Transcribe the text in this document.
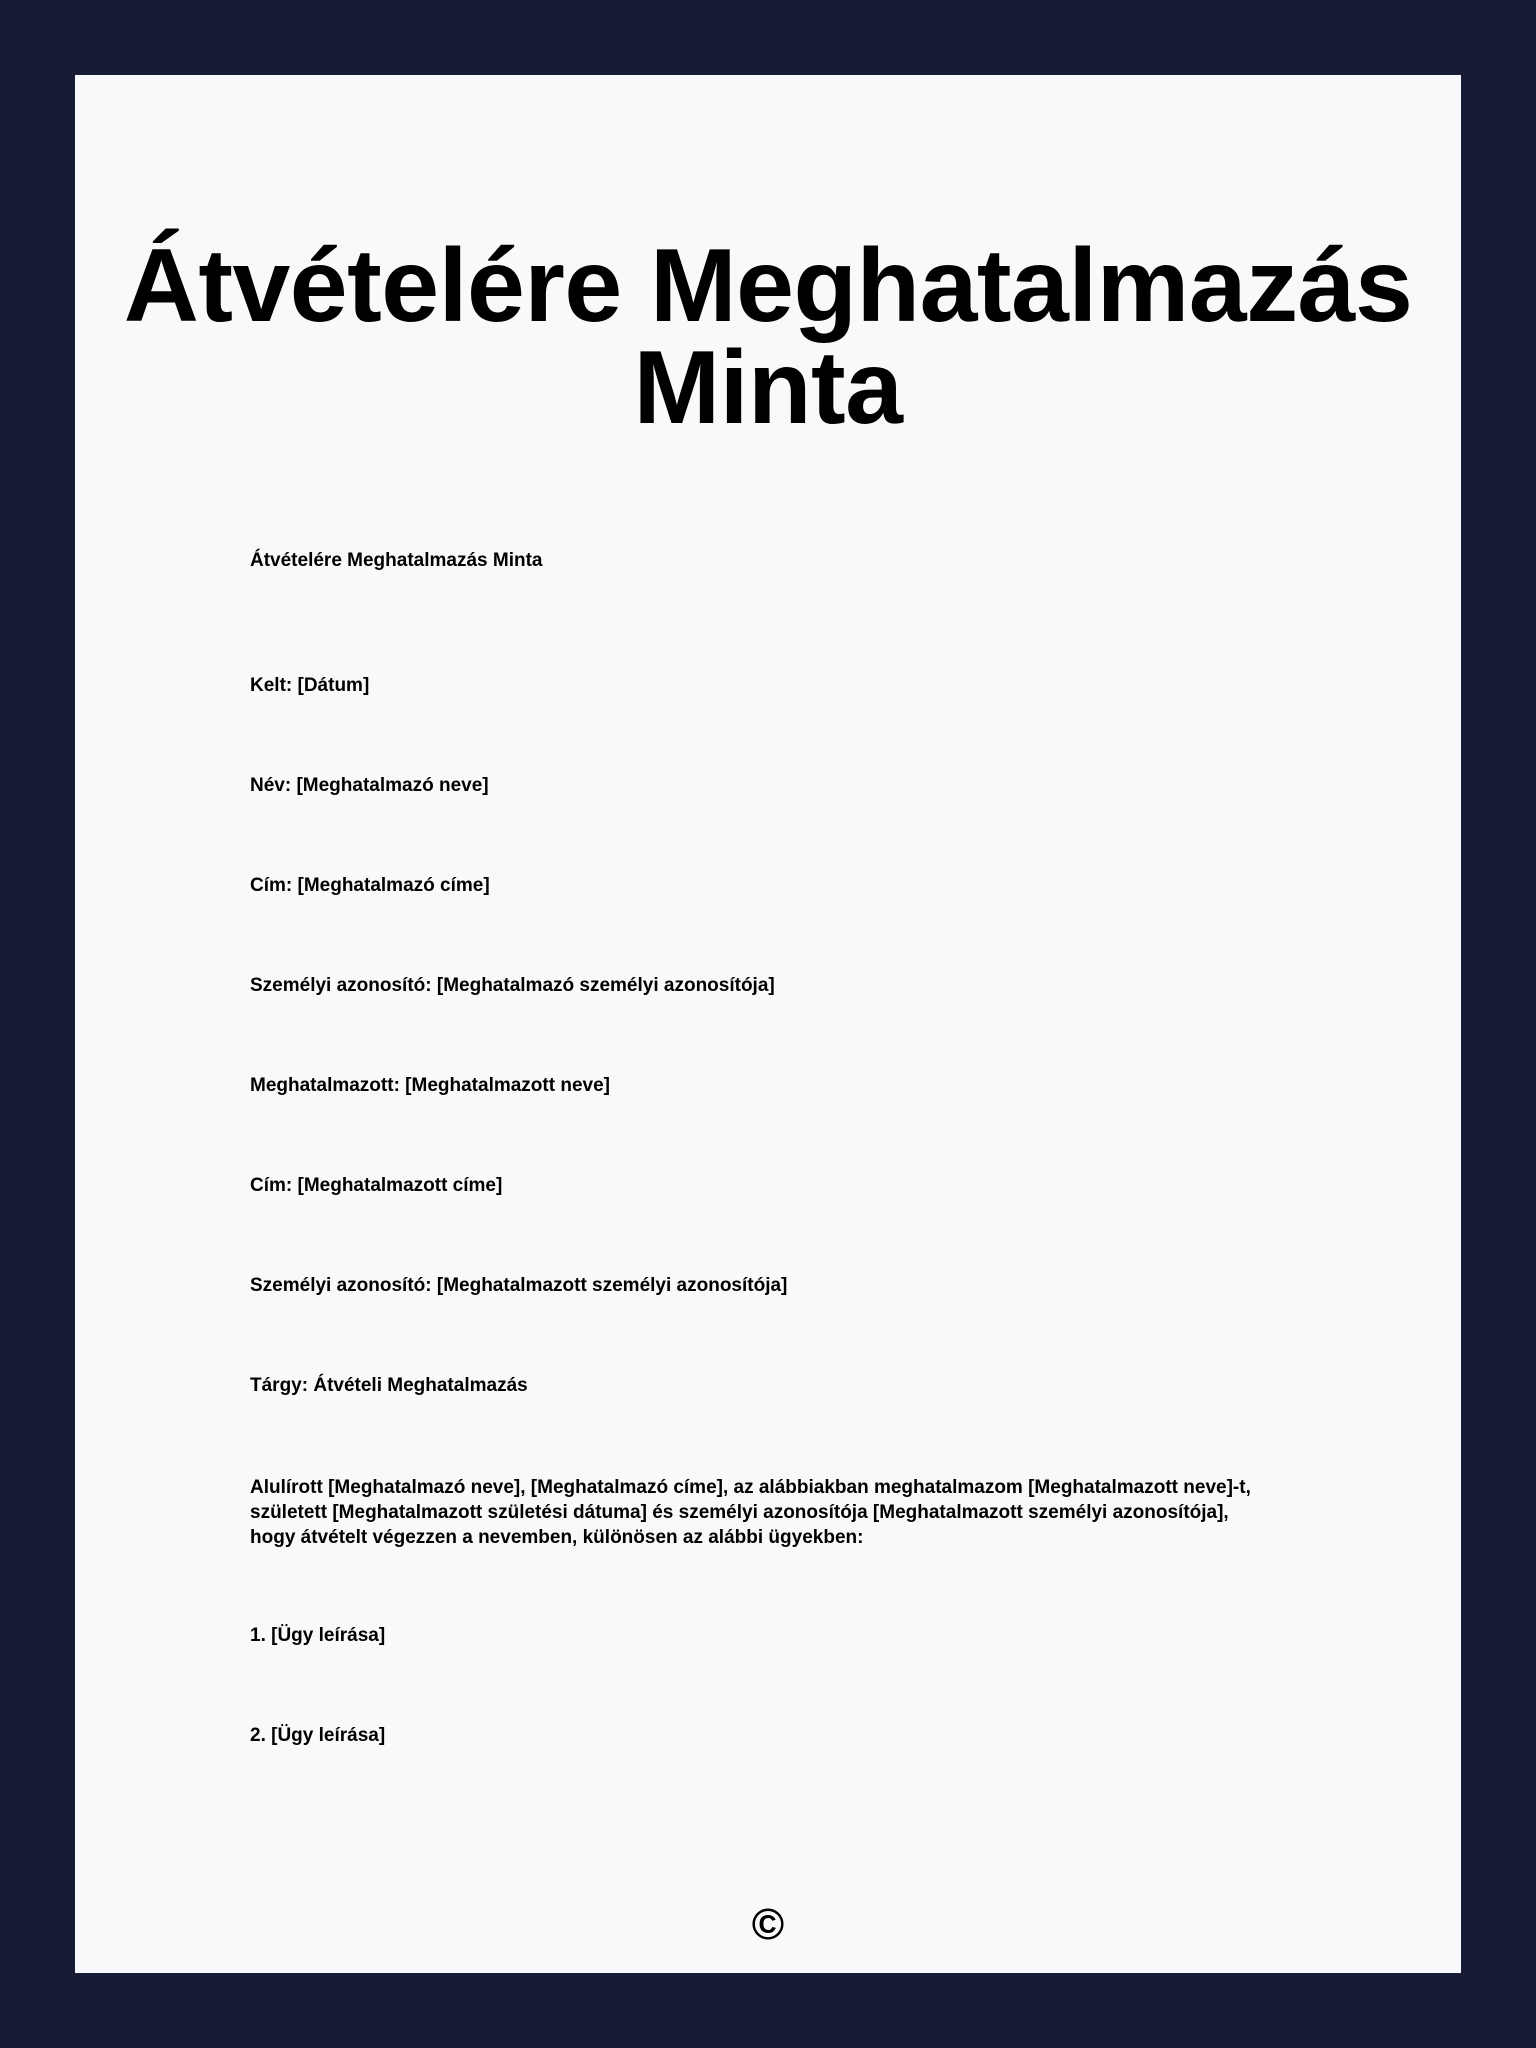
Átvételére Meghatalmazás Minta

Átvételére Meghatalmazás Minta

Kelt: [Dátum]

Név: [Meghatalmazó neve]

Cím: [Meghatalmazó címe]

Személyi azonosító: [Meghatalmazó személyi azonosítója]

Meghatalmazott: [Meghatalmazott neve]

Cím: [Meghatalmazott címe]

Személyi azonosító: [Meghatalmazott személyi azonosítója]

Tárgy: Átvételi Meghatalmazás

Alulírott [Meghatalmazó neve], [Meghatalmazó címe], az alábbiakban meghatalmazom [Meghatalmazott neve]-t, született [Meghatalmazott születési dátuma] és személyi azonosítója [Meghatalmazott személyi azonosítója], hogy átvételt végezzen a nevemben, különösen az alábbi ügyekben:

1. [Ügy leírása]

2. [Ügy leírása]

©
